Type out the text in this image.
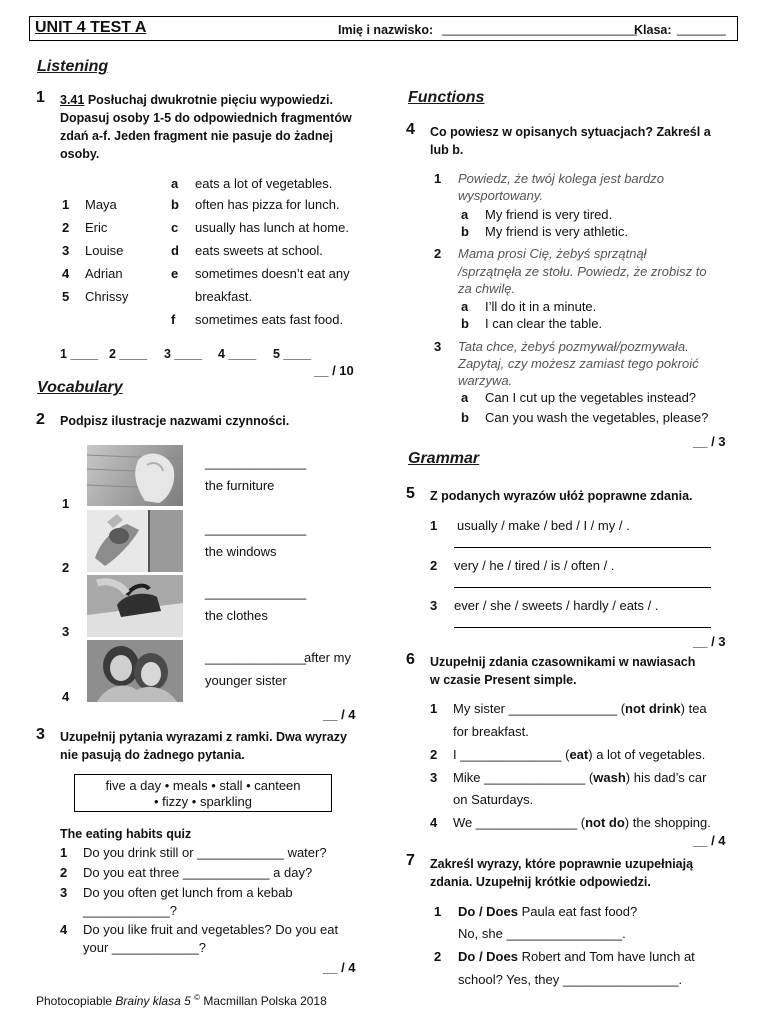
UNIT 4 TEST A	Imię i nazwisko: ____________________________
Klasa: _______
Listening
1 3.41 Posłuchaj dwukrotnie pięciu wypowiedzi. Dopasuj osoby 1-5 do odpowiednich fragmentów zdań a-f. Jeden fragment nie pasuje do żadnej osoby.
1 Maya
2 Eric
3 Louise
4 Adrian
5 Chrissy
a eats a lot of vegetables.
b often has pizza for lunch.
c usually has lunch at home.
d eats sweets at school.
e sometimes doesn’t eat any
breakfast.
f sometimes eats fast food.
1 ____ 2 ____ 3 ____ 4 ____ 5 ____
__ / 10
Vocabulary
2 Podpisz ilustracje nazwami czynności.
______________
the furniture
1
______________
the windows
2
______________
the clothes
3
______________
after my
younger sister
4
__ / 4
3 Uzupełnij pytania wyrazami z ramki. Dwa wyrazy nie pasują do żadnego pytania.
five a day • meals • stall • canteen
• fizzy • sparkling
The eating habits quiz
1 Do you drink still or ____________ water?
2 Do you eat three ____________ a day?
3 Do you often get lunch from a kebab
____________?
4 Do you like fruit and vegetables? Do you eat
your ____________?
__ / 4
Functions
4 Co powiesz w opisanych sytuacjach? Zakreśl a lub b.
1 Powiedz, że twój kolega jest bardzo
wysportowany.
a My friend is very tired.
b My friend is very athletic.
2 Mama prosi Cię, żebyś sprzątnął
/sprzątnęła ze stołu. Powiedz, że zrobisz to
za chwilę.
a I’ll do it in a minute.
b I can clear the table.
3 Tata chce, żebyś pozmywał/pozmywała.
Zapytaj, czy możesz zamiast tego pokroić
warzywa.
a Can I cut up the vegetables instead?
b Can you wash the vegetables, please?
__ / 3
Grammar
5 Z podanych wyrazów ułóż poprawne zdania.
1 usually / make / bed / I / my / .
2 very / he / tired / is / often / .
3 ever / she / sweets / hardly / eats / .
__ / 3
6 Uzupełnij zdania czasownikami w nawiasach
w czasie Present simple.
1 My sister _______________ (not drink) tea
for breakfast.
2 I ______________ (eat) a lot of vegetables.
3 Mike ______________ (wash) his dad’s car
on Saturdays.
4 We ______________ (not do) the shopping.
__ / 4
7 Zakreśl wyrazy, które poprawnie uzupełniają
zdania. Uzupełnij krótkie odpowiedzi.
1 Do / Does Paula eat fast food?
No, she ________________.
2 Do / Does Robert and Tom have lunch at
school? Yes, they ________________.
Photocopiable Brainy klasa 5 © Macmillan Polska 2018
